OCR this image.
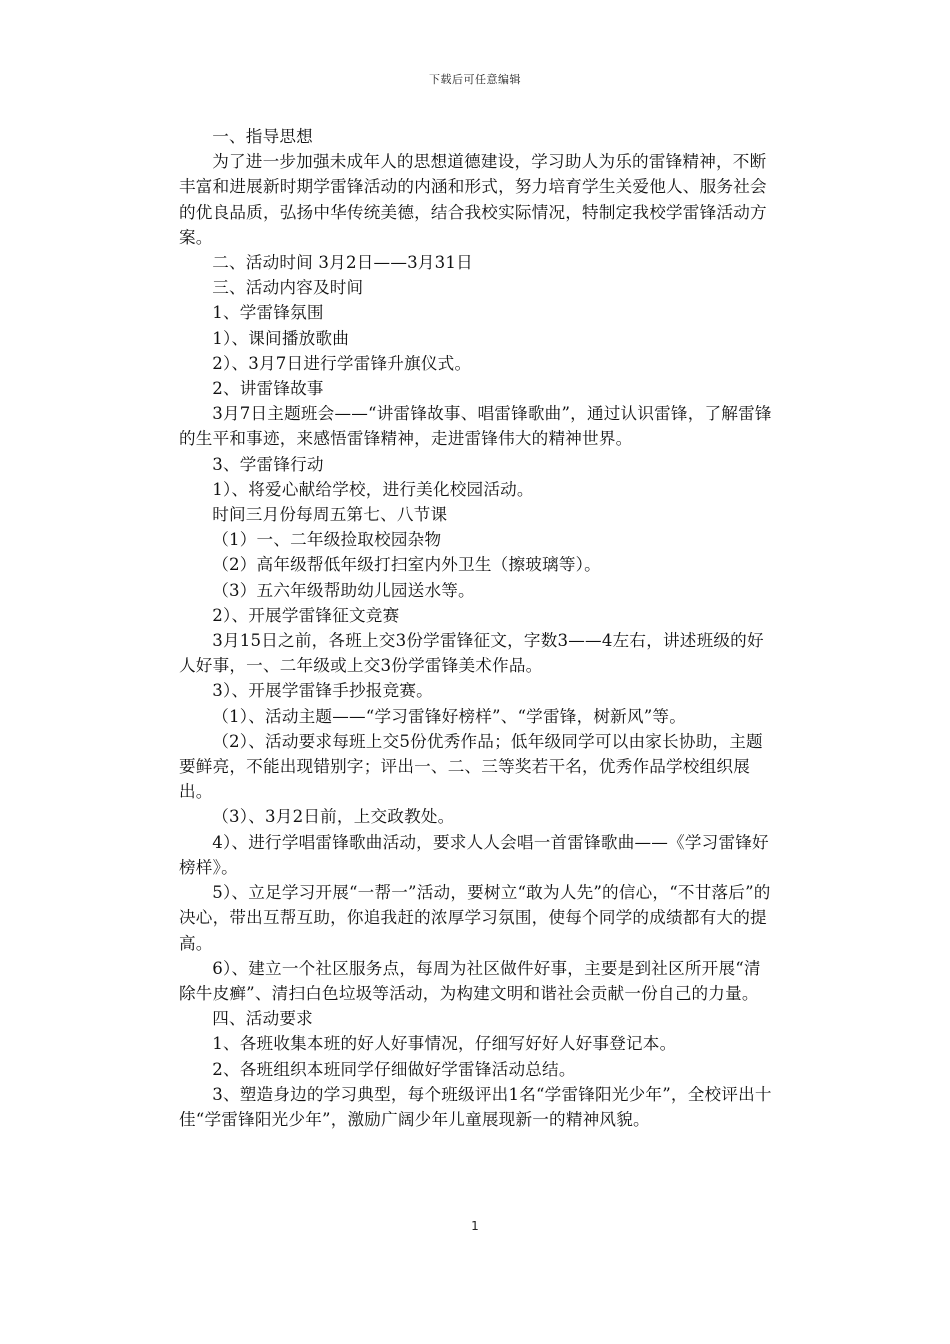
下载后可任意编辑

一、指导思想

为了进一步加强未成年人的思想道德建设，学习助人为乐的雷锋精神，不断丰富和进展新时期学雷锋活动的内涵和形式，努力培育学生关爱他人、服务社会的优良品质，弘扬中华传统美德，结合我校实际情况，特制定我校学雷锋活动方案。

二、活动时间 3月2日——3月31日

三、活动内容及时间

1、学雷锋氛围

1）、课间播放歌曲

2）、3月7日进行学雷锋升旗仪式。

2、讲雷锋故事

3月7日主题班会——“讲雷锋故事、唱雷锋歌曲”，通过认识雷锋，了解雷锋的生平和事迹，来感悟雷锋精神，走进雷锋伟大的精神世界。

3、学雷锋行动

1）、将爱心献给学校，进行美化校园活动。

时间三月份每周五第七、八节课

（1）一、二年级捡取校园杂物

（2）高年级帮低年级打扫室内外卫生（擦玻璃等）。

（3）五六年级帮助幼儿园送水等。

2）、开展学雷锋征文竞赛

3月15日之前，各班上交3份学雷锋征文，字数3——4左右，讲述班级的好人好事，一、二年级或上交3份学雷锋美术作品。

3）、开展学雷锋手抄报竞赛。

（1）、活动主题——“学习雷锋好榜样”、“学雷锋，树新风”等。

（2）、活动要求每班上交5份优秀作品；低年级同学可以由家长协助，主题要鲜亮，不能出现错别字；评出一、二、三等奖若干名，优秀作品学校组织展出。

（3）、3月2日前，上交政教处。

4）、进行学唱雷锋歌曲活动，要求人人会唱一首雷锋歌曲——《学习雷锋好榜样》。

5）、立足学习开展“一帮一”活动，要树立“敢为人先”的信心，“不甘落后”的决心，带出互帮互助，你追我赶的浓厚学习氛围，使每个同学的成绩都有大的提高。

6）、建立一个社区服务点，每周为社区做件好事，主要是到社区所开展“清除牛皮癣”、清扫白色垃圾等活动，为构建文明和谐社会贡献一份自己的力量。

四、活动要求

1、各班收集本班的好人好事情况，仔细写好好人好事登记本。

2、各班组织本班同学仔细做好学雷锋活动总结。

3、塑造身边的学习典型，每个班级评出1名“学雷锋阳光少年”，全校评出十佳“学雷锋阳光少年”，激励广阔少年儿童展现新一的精神风貌。

1
